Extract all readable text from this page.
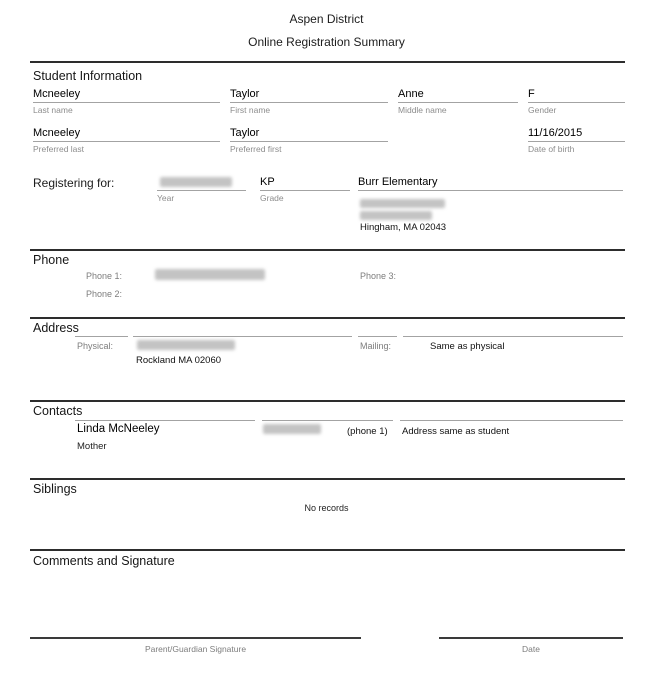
Aspen District
Online Registration Summary
Student Information
Mcneeley
Last name
Taylor
First name
Anne
Middle name
F
Gender
Mcneeley
Preferred last
Taylor
Preferred first
11/16/2015
Date of birth
Registering for:
Year
KP
Grade
Burr Elementary
Hingham, MA 02043
Phone
Phone 1:	Phone 3:
Phone 2:
Address
Physical:
Rockland MA 02060
Mailing:	Same as physical
Contacts
Linda McNeeley	(phone 1) Address same as student
Mother
Siblings
No records
Comments and Signature
Parent/Guardian Signature	Date
